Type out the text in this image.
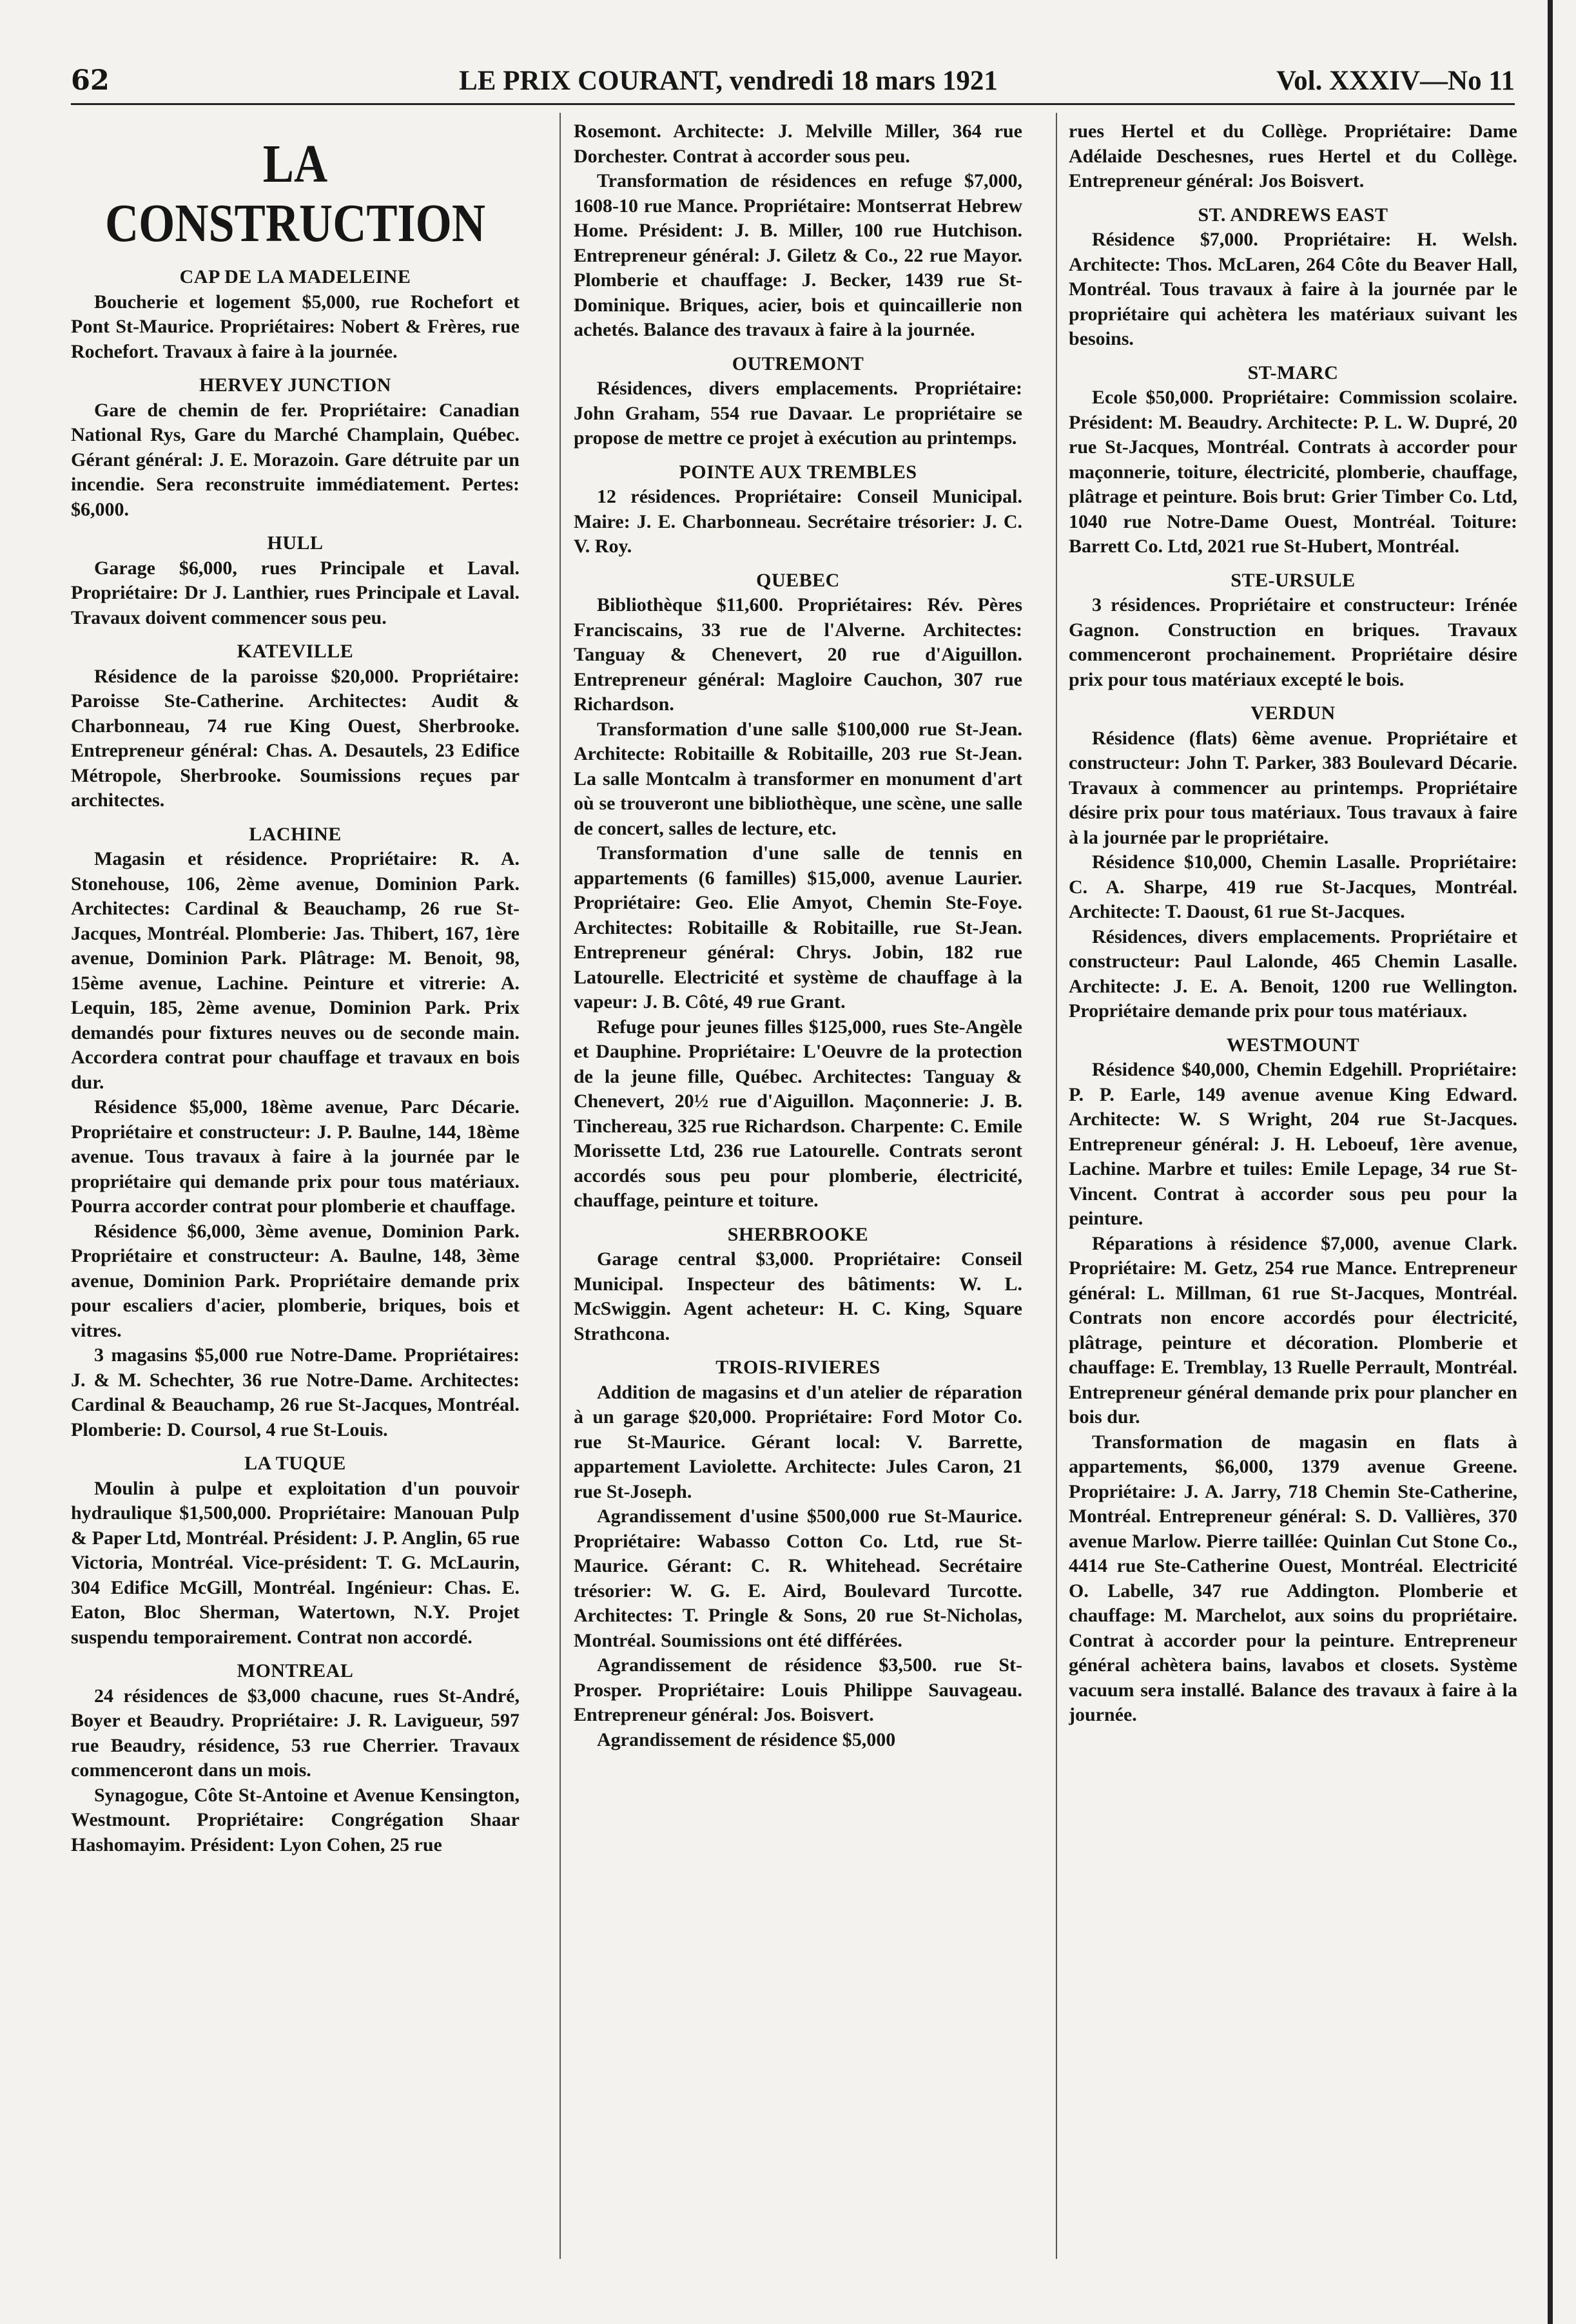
62	LE PRIX COURANT, vendredi 18 mars 1921	Vol. XXXIV—No 11
LA CONSTRUCTION
CAP DE LA MADELEINE

Boucherie et logement $5,000, rue Rochefort et Pont St-Maurice. Propriétaires: Nobert & Frères, rue Rochefort. Travaux à faire à la journée.

HERVEY JUNCTION

Gare de chemin de fer. Propriétaire: Canadian National Rys, Gare du Marché Champlain, Québec. Gérant général: J. E. Morazoin. Gare détruite par un incendie. Sera reconstruite immédiatement. Pertes: $6,000.

HULL

Garage $6,000, rues Principale et Laval. Propriétaire: Dr J. Lanthier, rues Principale et Laval. Travaux doivent commencer sous peu.

KATEVILLE

Résidence de la paroisse $20,000. Propriétaire: Paroisse Ste-Catherine. Architectes: Audit & Charbonneau, 74 rue King Ouest, Sherbrooke. Entrepreneur général: Chas. A. Desautels, 23 Edifice Métropole, Sherbrooke. Soumissions reçues par architectes.

LACHINE

Magasin et résidence. Propriétaire: R. A. Stonehouse, 106, 2ème avenue, Dominion Park. Architectes: Cardinal & Beauchamp, 26 rue St-Jacques, Montréal. Plomberie: Jas. Thibert, 167, 1ère avenue, Dominion Park. Plâtrage: M. Benoit, 98, 15ème avenue, Lachine. Peinture et vitrerie: A. Lequin, 185, 2ème avenue, Dominion Park. Prix demandés pour fixtures neuves ou de seconde main. Accordera contrat pour chauffage et travaux en bois dur.

Résidence $5,000, 18ème avenue, Parc Décarie. Propriétaire et constructeur: J. P. Baulne, 144, 18ème avenue. Tous travaux à faire à la journée par le propriétaire qui demande prix pour tous matériaux. Pourra accorder contrat pour plomberie et chauffage.

Résidence $6,000, 3ème avenue, Dominion Park. Propriétaire et constructeur: A. Baulne, 148, 3ème avenue, Dominion Park. Propriétaire demande prix pour escaliers d'acier, plomberie, briques, bois et vitres.

3 magasins $5,000 rue Notre-Dame. Propriétaires: J. & M. Schechter, 36 rue Notre-Dame. Architectes: Cardinal & Beauchamp, 26 rue St-Jacques, Montréal. Plomberie: D. Coursol, 4 rue St-Louis.

LA TUQUE

Moulin à pulpe et exploitation d'un pouvoir hydraulique $1,500,000. Propriétaire: Manouan Pulp & Paper Ltd, Montréal. Président: J. P. Anglin, 65 rue Victoria, Montréal. Vice-président: T. G. McLaurin, 304 Edifice McGill, Montréal. Ingénieur: Chas. E. Eaton, Bloc Sherman, Watertown, N.Y. Projet suspendu temporairement. Contrat non accordé.

MONTREAL

24 résidences de $3,000 chacune, rues St-André, Boyer et Beaudry. Propriétaire: J. R. Lavigueur, 597 rue Beaudry, résidence, 53 rue Cherrier. Travaux commenceront dans un mois.

Synagogue, Côte St-Antoine et Avenue Kensington, Westmount. Propriétaire: Congrégation Shaar Hashomayim. Président: Lyon Cohen, 25 rue

Rosemont. Architecte: J. Melville Miller, 364 rue Dorchester. Contrat à accorder sous peu.

Transformation de résidences en refuge $7,000, 1608-10 rue Mance. Propriétaire: Montserrat Hebrew Home. Président: J. B. Miller, 100 rue Hutchison. Entrepreneur général: J. Giletz & Co., 22 rue Mayor. Plomberie et chauffage: J. Becker, 1439 rue St-Dominique. Briques, acier, bois et quincaillerie non achetés. Balance des travaux à faire à la journée.

OUTREMONT

Résidences, divers emplacements. Propriétaire: John Graham, 554 rue Davaar. Le propriétaire se propose de mettre ce projet à exécution au printemps.

POINTE AUX TREMBLES

12 résidences. Propriétaire: Conseil Municipal. Maire: J. E. Charbonneau. Secrétaire trésorier: J. C. V. Roy.

QUEBEC

Bibliothèque $11,600. Propriétaires: Rév. Pères Franciscains, 33 rue de l'Alverne. Architectes: Tanguay & Chenevert, 20 rue d'Aiguillon. Entrepreneur général: Magloire Cauchon, 307 rue Richardson.

Transformation d'une salle $100,000 rue St-Jean. Architecte: Robitaille & Robitaille, 203 rue St-Jean. La salle Montcalm à transformer en monument d'art où se trouveront une bibliothèque, une scène, une salle de concert, salles de lecture, etc.

Transformation d'une salle de tennis en appartements (6 familles) $15,000, avenue Laurier. Propriétaire: Geo. Elie Amyot, Chemin Ste-Foye. Architectes: Robitaille & Robitaille, rue St-Jean. Entrepreneur général: Chrys. Jobin, 182 rue Latourelle. Electricité et système de chauffage à la vapeur: J. B. Côté, 49 rue Grant.

Refuge pour jeunes filles $125,000, rues Ste-Angèle et Dauphine. Propriétaire: L'Oeuvre de la protection de la jeune fille, Québec. Architectes: Tanguay & Chenevert, 20½ rue d'Aiguillon. Maçonnerie: J. B. Tinchereau, 325 rue Richardson. Charpente: C. Emile Morissette Ltd, 236 rue Latourelle. Contrats seront accordés sous peu pour plomberie, électricité, chauffage, peinture et toiture.

SHERBROOKE

Garage central $3,000. Propriétaire: Conseil Municipal. Inspecteur des bâtiments: W. L. McSwiggin. Agent acheteur: H. C. King, Square Strathcona.

TROIS-RIVIERES

Addition de magasins et d'un atelier de réparation à un garage $20,000. Propriétaire: Ford Motor Co. rue St-Maurice. Gérant local: V. Barrette, appartement Laviolette. Architecte: Jules Caron, 21 rue St-Joseph.

Agrandissement d'usine $500,000 rue St-Maurice. Propriétaire: Wabasso Cotton Co. Ltd, rue St-Maurice. Gérant: C. R. Whitehead. Secrétaire trésorier: W. G. E. Aird, Boulevard Turcotte. Architectes: T. Pringle & Sons, 20 rue St-Nicholas, Montréal. Soumissions ont été différées.

Agrandissement de résidence $3,500. rue St-Prosper. Propriétaire: Louis Philippe Sauvageau. Entrepreneur général: Jos. Boisvert.

Agrandissement de résidence $5,000

rues Hertel et du Collège. Propriétaire: Dame Adélaide Deschesnes, rues Hertel et du Collège. Entrepreneur général: Jos Boisvert.

ST. ANDREWS EAST

Résidence $7,000. Propriétaire: H. Welsh. Architecte: Thos. McLaren, 264 Côte du Beaver Hall, Montréal. Tous travaux à faire à la journée par le propriétaire qui achètera les matériaux suivant les besoins.

ST-MARC

Ecole $50,000. Propriétaire: Commission scolaire. Président: M. Beaudry. Architecte: P. L. W. Dupré, 20 rue St-Jacques, Montréal. Contrats à accorder pour maçonnerie, toiture, électricité, plomberie, chauffage, plâtrage et peinture. Bois brut: Grier Timber Co. Ltd, 1040 rue Notre-Dame Ouest, Montréal. Toiture: Barrett Co. Ltd, 2021 rue St-Hubert, Montréal.

STE-URSULE

3 résidences. Propriétaire et constructeur: Irénée Gagnon. Construction en briques. Travaux commenceront prochainement. Propriétaire désire prix pour tous matériaux excepté le bois.

VERDUN

Résidence (flats) 6ème avenue. Propriétaire et constructeur: John T. Parker, 383 Boulevard Décarie. Travaux à commencer au printemps. Propriétaire désire prix pour tous matériaux. Tous travaux à faire à la journée par le propriétaire.

Résidence $10,000, Chemin Lasalle. Propriétaire: C. A. Sharpe, 419 rue St-Jacques, Montréal. Architecte: T. Daoust, 61 rue St-Jacques.

Résidences, divers emplacements. Propriétaire et constructeur: Paul Lalonde, 465 Chemin Lasalle. Architecte: J. E. A. Benoit, 1200 rue Wellington. Propriétaire demande prix pour tous matériaux.

WESTMOUNT

Résidence $40,000, Chemin Edgehill. Propriétaire: P. P. Earle, 149 avenue avenue King Edward. Architecte: W. S Wright, 204 rue St-Jacques. Entrepreneur général: J. H. Leboeuf, 1ère avenue, Lachine. Marbre et tuiles: Emile Lepage, 34 rue St-Vincent. Contrat à accorder sous peu pour la peinture.

Réparations à résidence $7,000, avenue Clark. Propriétaire: M. Getz, 254 rue Mance. Entrepreneur général: L. Millman, 61 rue St-Jacques, Montréal. Contrats non encore accordés pour électricité, plâtrage, peinture et décoration. Plomberie et chauffage: E. Tremblay, 13 Ruelle Perrault, Montréal. Entrepreneur général demande prix pour plancher en bois dur.

Transformation de magasin en flats à appartements, $6,000, 1379 avenue Greene. Propriétaire: J. A. Jarry, 718 Chemin Ste-Catherine, Montréal. Entrepreneur général: S. D. Vallières, 370 avenue Marlow. Pierre taillée: Quinlan Cut Stone Co., 4414 rue Ste-Catherine Ouest, Montréal. Electricité O. Labelle, 347 rue Addington. Plomberie et chauffage: M. Marchelot, aux soins du propriétaire. Contrat à accorder pour la peinture. Entrepreneur général achètera bains, lavabos et closets. Système vacuum sera installé. Balance des travaux à faire à la journée.
